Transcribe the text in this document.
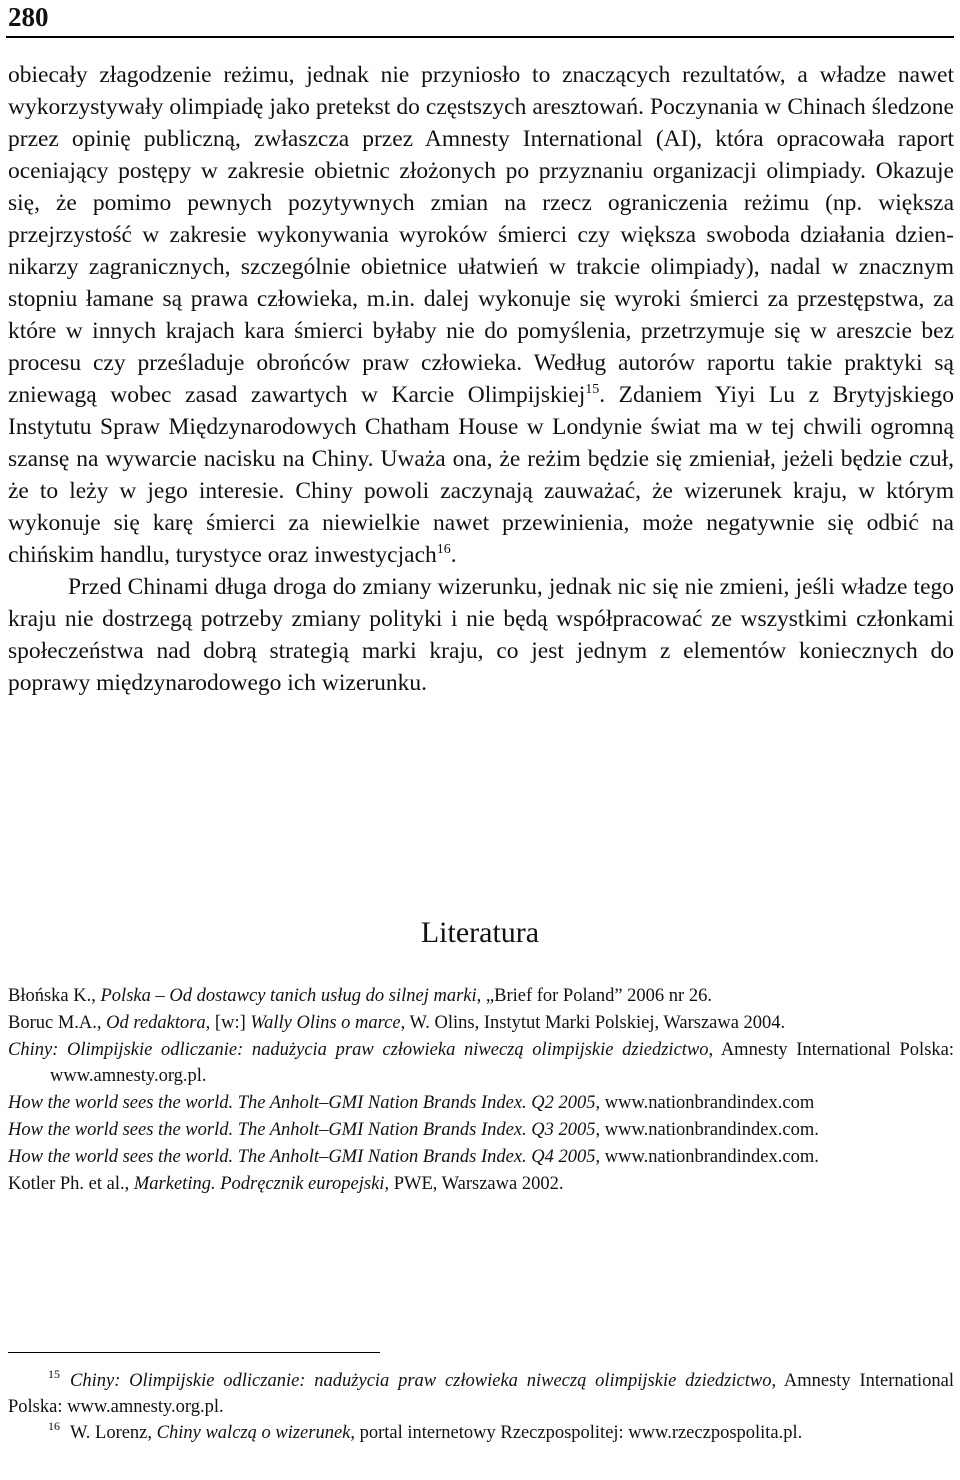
280

obiecały złagodzenie reżimu, jednak nie przyniosło to znaczących rezultatów, a władze nawet wykorzystywały olimpiadę jako pretekst do częstszych aresztowań. Poczynania w Chinach śledzone przez opinię publiczną, zwłaszcza przez Amnesty International (AI), która opracowała raport oceniający postępy w zakresie obietnic złożonych po przyznaniu organizacji olimpiady. Okazuje się, że pomimo pewnych pozytywnych zmian na rzecz ograniczenia reżimu (np. większa przejrzystość w zakresie wykonywania wyroków śmierci czy większa swoboda działania dziennikarzy zagranicznych, szczególnie obietnice ułatwień w trakcie olimpiady), nadal w znacznym stopniu łamane są prawa człowieka, m.in. dalej wykonuje się wyroki śmierci za przestępstwa, za które w innych krajach kara śmierci byłaby nie do pomyślenia, przetrzymuje się w areszcie bez procesu czy prześladuje obrońców praw człowieka. Według autorów raportu takie praktyki są zniewagą wobec zasad zawartych w Karcie Olimpijskiej$^{15}$. Zdaniem Yiyi Lu z Brytyjskiego Instytutu Spraw Międzynarodowych Chatham House w Londynie świat ma w tej chwili ogromną szansę na wywarcie nacisku na Chiny. Uważa ona, że reżim będzie się zmieniał, jeżeli będzie czuł, że to leży w jego interesie. Chiny powoli zaczynają zauważać, że wizerunek kraju, w którym wykonuje się karę śmierci za niewielkie nawet przewinienia, może negatywnie się odbić na chińskim handlu, turystyce oraz inwestycjach$^{16}$.

Przed Chinami długa droga do zmiany wizerunku, jednak nic się nie zmieni, jeśli władze tego kraju nie dostrzegą potrzeby zmiany polityki i nie będą współpracować ze wszystkimi członkami społeczeństwa nad dobrą strategią marki kraju, co jest jednym z elementów koniecznych do poprawy międzynarodowego ich wizerunku.

Literatura

Błońska K., Polska – Od dostawcy tanich usług do silnej marki, „Brief for Poland” 2006 nr 26.

Boruc M.A., Od redaktora, [w:] Wally Olins o marce, W. Olins, Instytut Marki Polskiej, Warszawa 2004.

Chiny: Olimpijskie odliczanie: nadużycia praw człowieka niweczą olimpijskie dziedzictwo, Amnesty International Polska: www.amnesty.org.pl.

How the world sees the world. The Anholt–GMI Nation Brands Index. Q2 2005, www.nationbrandindex.com

How the world sees the world. The Anholt–GMI Nation Brands Index. Q3 2005, www.nationbrandindex.com.

How the world sees the world. The Anholt–GMI Nation Brands Index. Q4 2005, www.nationbrandindex.com.

Kotler Ph. et al., Marketing. Podręcznik europejski, PWE, Warszawa 2002.

$^{15}$ Chiny: Olimpijskie odliczanie: nadużycia praw człowieka niweczą olimpijskie dziedzictwo, Amnesty International Polska: www.amnesty.org.pl.

$^{16}$ W. Lorenz, Chiny walczą o wizerunek, portal internetowy Rzeczpospolitej: www.rzeczpospolita.pl.
